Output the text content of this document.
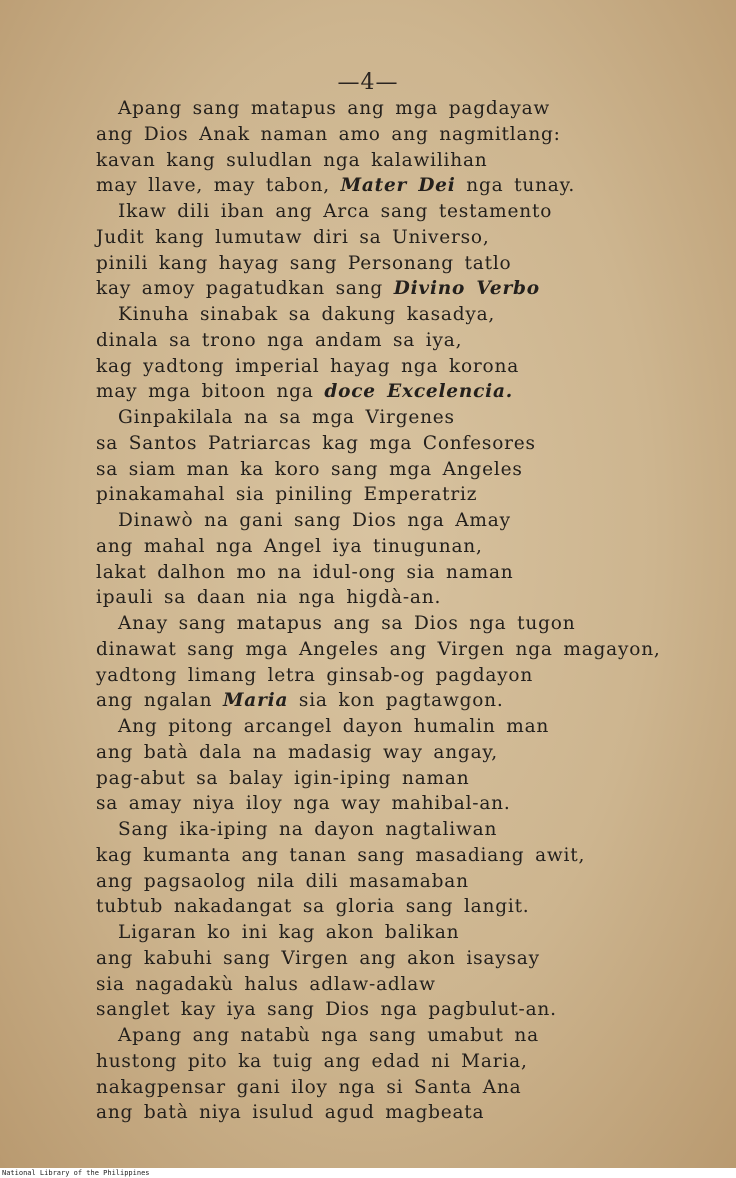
—4—
Apang sang matapus ang mga pagdayaw
ang Dios Anak naman amo ang nagmitlang:
kavan kang suludlan nga kalawilihan
may llave, may tabon, Mater Dei nga tunay.
Ikaw dili iban ang Arca sang testamento
Judit kang lumutaw diri sa Universo,
pinili kang hayag sang Personang tatlo
kay amoy pagatudkan sang Divino Verbo
Kinuha sinabak sa dakung kasadya,
dinala sa trono nga andam sa iya,
kag yadtong imperial hayag nga korona
may mga bitoon nga doce Excelencia.
Ginpakilala na sa mga Virgenes
sa Santos Patriarcas kag mga Confesores
sa siam man ka koro sang mga Angeles
pinakamahal sia piniling Emperatriz
Dinawò na gani sang Dios nga Amay
ang mahal nga Angel iya tinugunan,
lakat dalhon mo na idul-ong sia naman
ipauli sa daan nia nga higdà-an.
Anay sang matapus ang sa Dios nga tugon
dinawat sang mga Angeles ang Virgen nga magayon,
yadtong limang letra ginsab-og pagdayon
ang ngalan Maria sia kon pagtawgon.
Ang pitong arcangel dayon humalin man
ang batà dala na madasig way angay,
pag-abut sa balay igin-iping naman
sa amay niya iloy nga way mahibal-an.
Sang ika-iping na dayon nagtaliwan
kag kumanta ang tanan sang masadiang awit,
ang pagsaolog nila dili masamaban
tubtub nakadangat sa gloria sang langit.
Ligaran ko ini kag akon balikan
ang kabuhi sang Virgen ang akon isaysay
sia nagadakù halus adlaw-adlaw
sanglet kay iya sang Dios nga pagbulut-an.
Apang ang natabù nga sang umabut na
hustong pito ka tuig ang edad ni Maria,
nakagpensar gani iloy nga si Santa Ana
ang batà niya isulud agud magbeata
National Library of the Philippines
